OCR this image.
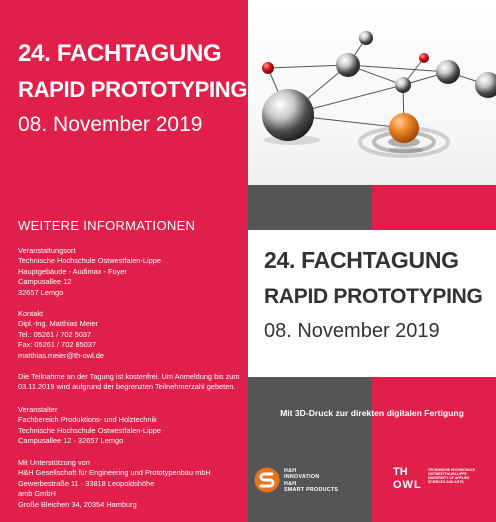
24. FACHTAGUNG
RAPID PROTOTYPING
08. November 2019
WEITERE INFORMATIONEN
Veranstaltungsort
Technische Hochschule Ostwestfalen-Lippe
Hauptgebäude - Audimax - Foyer
Campusallee 12
32657 Lemgo
Kontakt
Dipl.-Ing. Matthias Meier
Tel.: 05261 / 702 5037
Fax: 05261 / 702 85037
matthias.meier@th-owl.de
Die Teilnahme an der Tagung ist kostenfrei. Um Anmeldung bis zum 03.11.2019 wird aufgrund der begrenzten Teilnehmerzahl gebeten.
Veranstalter
Fachbereich Produktions- und Holztechnik
Technische Hochschule Ostwestfalen-Lippe
Campusallee 12 · 32657 Lemgo
Mit Unterstützung von
H&H Gesellschaft für Engineering und Prototypenbau mbH
Gewerbestraße 11 · 33818 Leopoldshöhe
amb GmbH
Große Bleichen 34, 20354 Hamburg
24. FACHTAGUNG
RAPID PROTOTYPING
08. November 2019
Mit 3D-Druck zur direkten digitalen Fertigung
H&H
INNOVATION
H&H
SMART PRODUCTS
TH
OWL
TECHNISCHE HOCHSCHULE OSTWESTFALEN-LIPPE UNIVERSITY OF APPLIED SCIENCES AND ARTS
